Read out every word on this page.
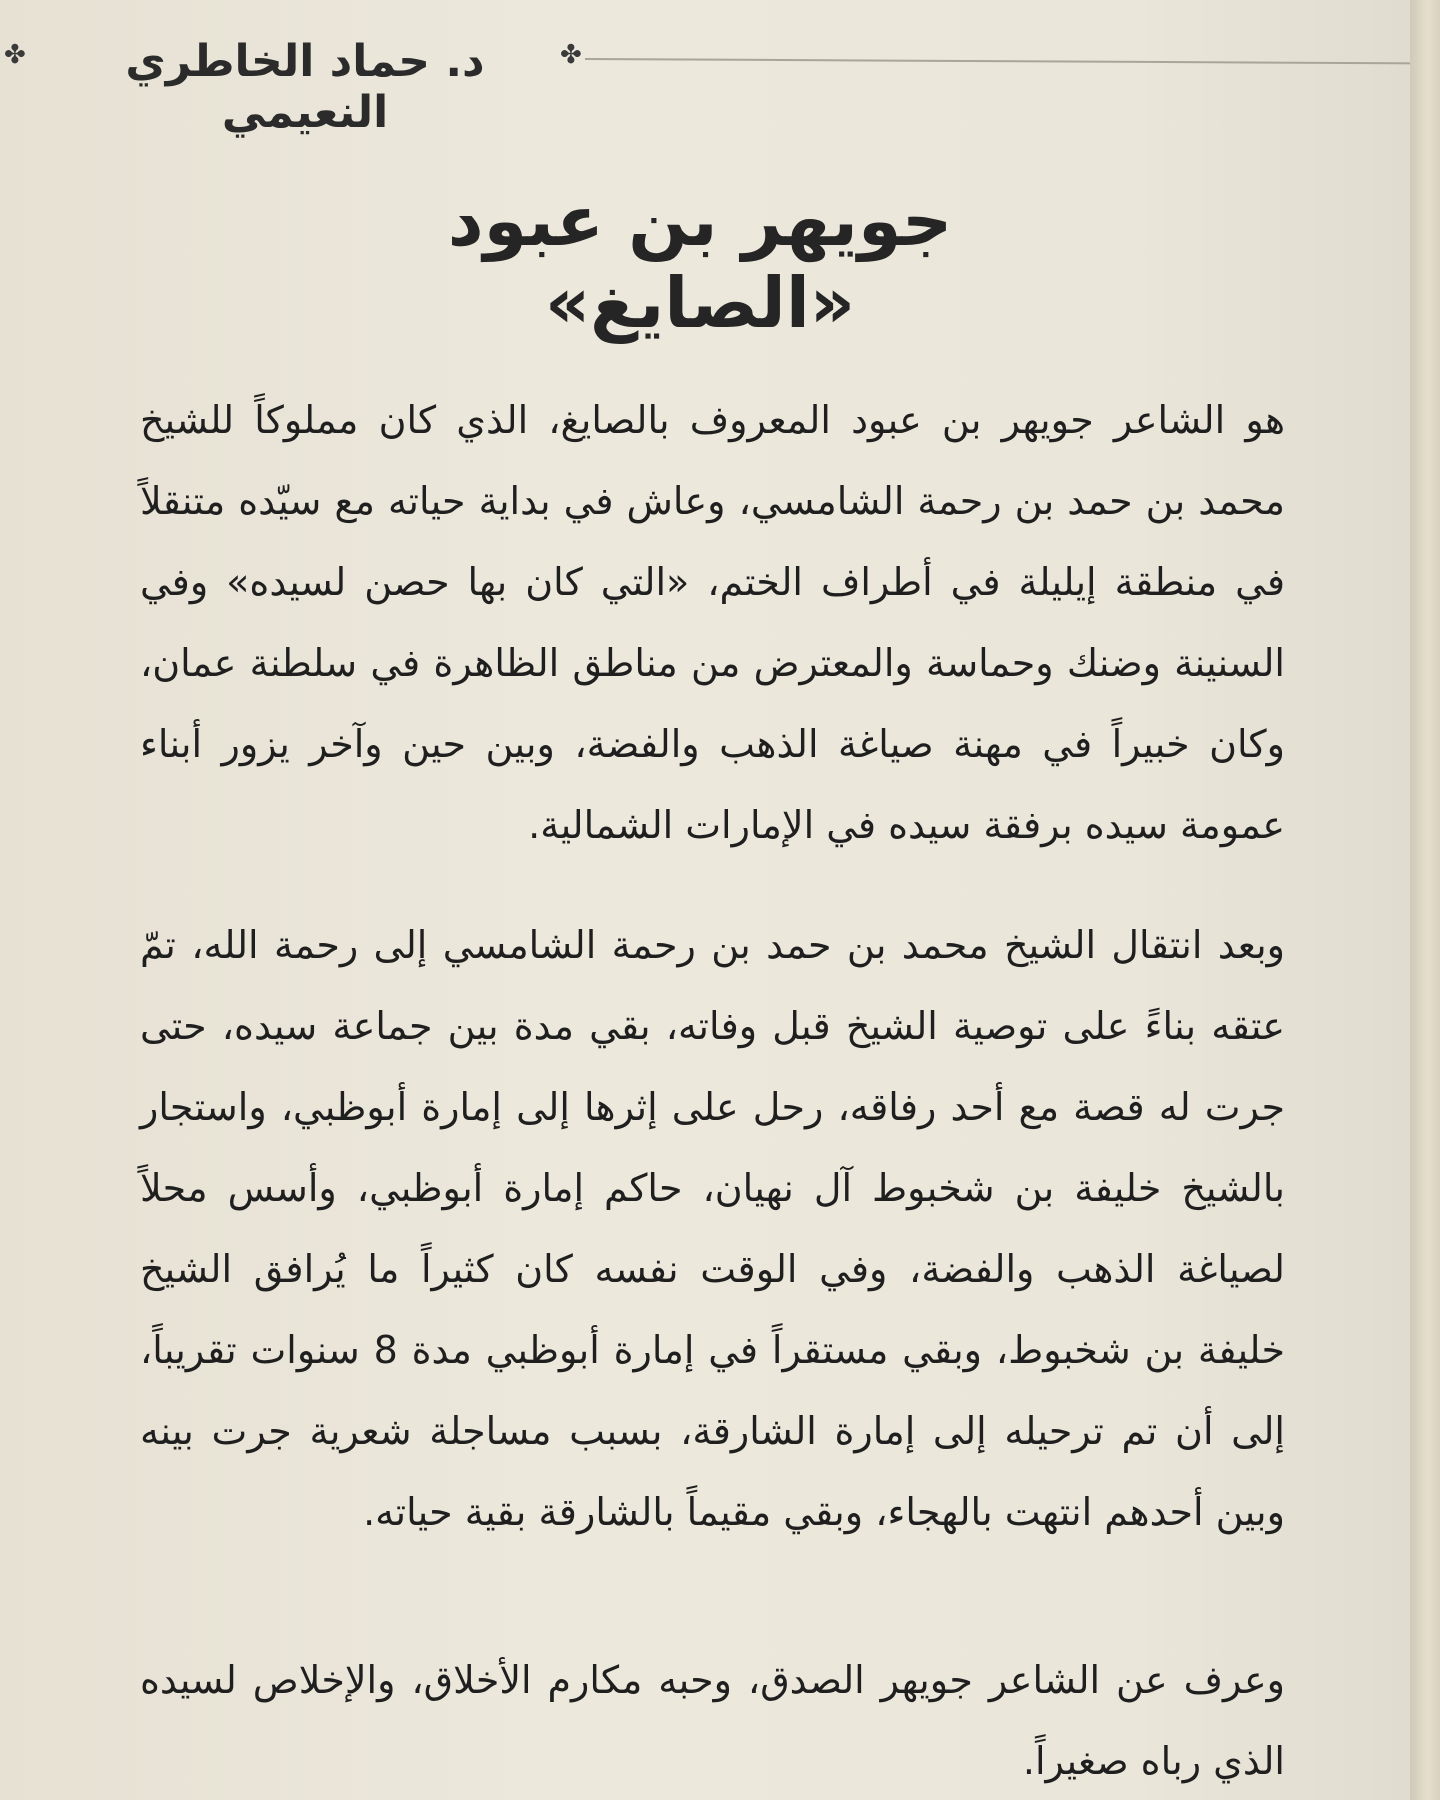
✤	د. حماد الخاطري النعيمي
✤
جويهر بن عبود «الصايغ»

هو الشاعر جويهر بن عبود المعروف بالصايغ، الذي كان مملوكاً للشيخ محمد بن حمد بن رحمة الشامسي، وعاش في بداية حياته مع سيّده متنقلاً في منطقة إيليلة في أطراف الختم، «التي كان بها حصن لسيده» وفي السنينة وضنك وحماسة والمعترض من مناطق الظاهرة في سلطنة عمان، وكان خبيراً في مهنة صياغة الذهب والفضة، وبين حين وآخر يزور أبناء عمومة سيده برفقة سيده في الإمارات الشمالية.

وبعد انتقال الشيخ محمد بن حمد بن رحمة الشامسي إلى رحمة الله، تمّ عتقه بناءً على توصية الشيخ قبل وفاته، بقي مدة بين جماعة سيده، حتى جرت له قصة مع أحد رفاقه، رحل على إثرها إلى إمارة أبوظبي، واستجار بالشيخ خليفة بن شخبوط آل نهيان، حاكم إمارة أبوظبي، وأسس محلاً لصياغة الذهب والفضة، وفي الوقت نفسه كان كثيراً ما يُرافق الشيخ خليفة بن شخبوط، وبقي مستقراً في إمارة أبوظبي مدة 8 سنوات تقريباً، إلى أن تم ترحيله إلى إمارة الشارقة، بسبب مساجلة شعرية جرت بينه وبين أحدهم انتهت بالهجاء، وبقي مقيماً بالشارقة بقية حياته.

وعرف عن الشاعر جويهر الصدق، وحبه مكارم الأخلاق، والإخلاص لسيده الذي رباه صغيراً.
